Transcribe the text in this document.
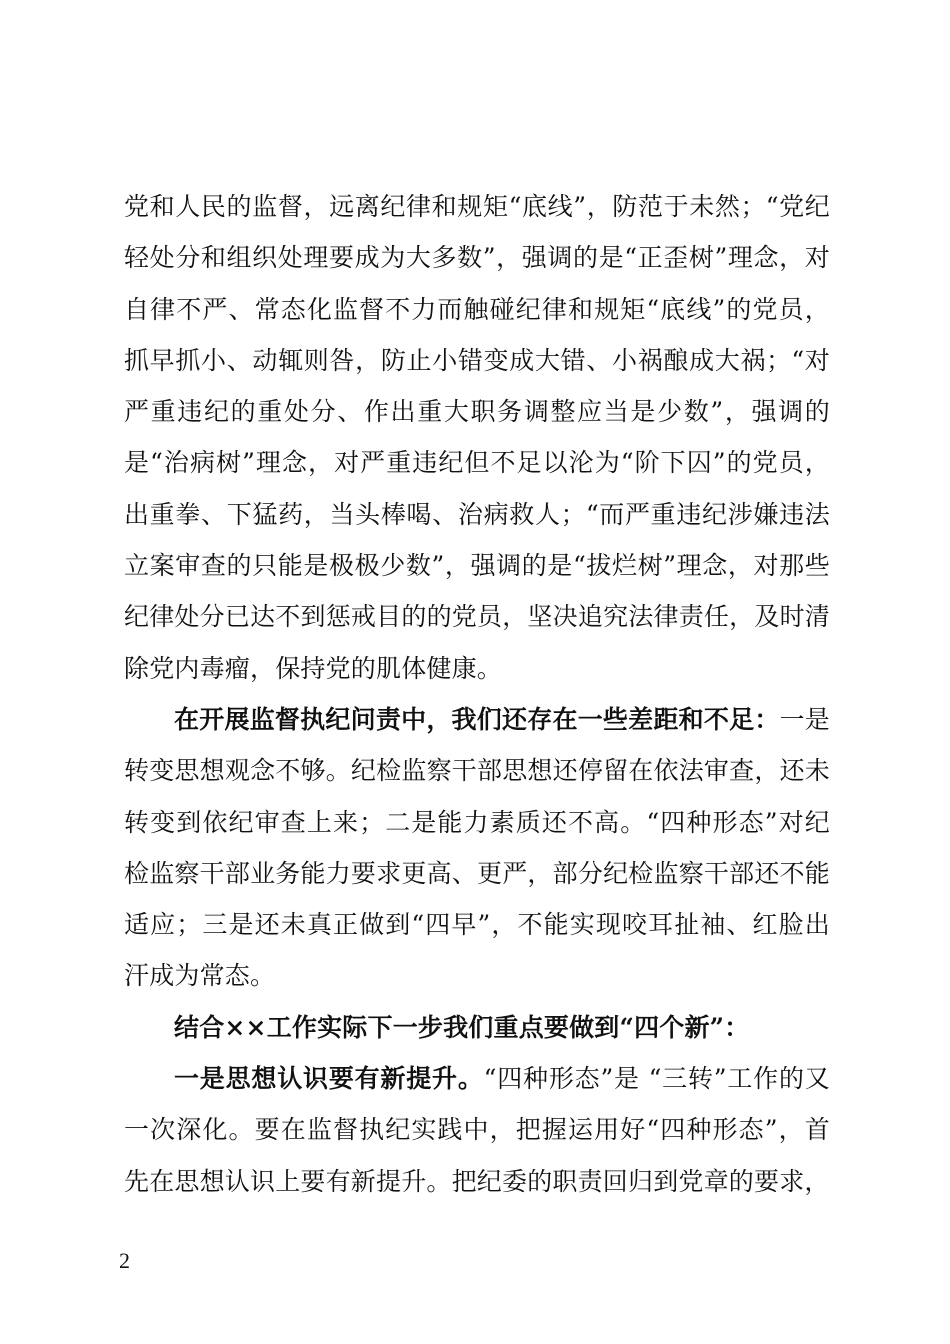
党和人民的监督，远离纪律和规矩“底线”，防范于未然；“党纪轻处分和组织处理要成为大多数”，强调的是“正歪树”理念，对自律不严、常态化监督不力而触碰纪律和规矩“底线”的党员，抓早抓小、动辄则咎，防止小错变成大错、小祸酿成大祸；“对严重违纪的重处分、作出重大职务调整应当是少数”，强调的是“治病树”理念，对严重违纪但不足以沦为“阶下囚”的党员，出重拳、下猛药，当头棒喝、治病救人；“而严重违纪涉嫌违法立案审查的只能是极极少数”，强调的是“拔烂树”理念，对那些纪律处分已达不到惩戒目的的党员，坚决追究法律责任，及时清除党内毒瘤，保持党的肌体健康。

在开展监督执纪问责中，我们还存在一些差距和不足：一是转变思想观念不够。纪检监察干部思想还停留在依法审查，还未转变到依纪审查上来；二是能力素质还不高。“四种形态”对纪检监察干部业务能力要求更高、更严，部分纪检监察干部还不能适应；三是还未真正做到“四早”，不能实现咬耳扯袖、红脸出汗成为常态。

结合××工作实际下一步我们重点要做到“四个新”：

一是思想认识要有新提升。“四种形态”是 “三转”工作的又一次深化。要在监督执纪实践中，把握运用好“四种形态”，首先在思想认识上要有新提升。把纪委的职责回归到党章的要求，

2
